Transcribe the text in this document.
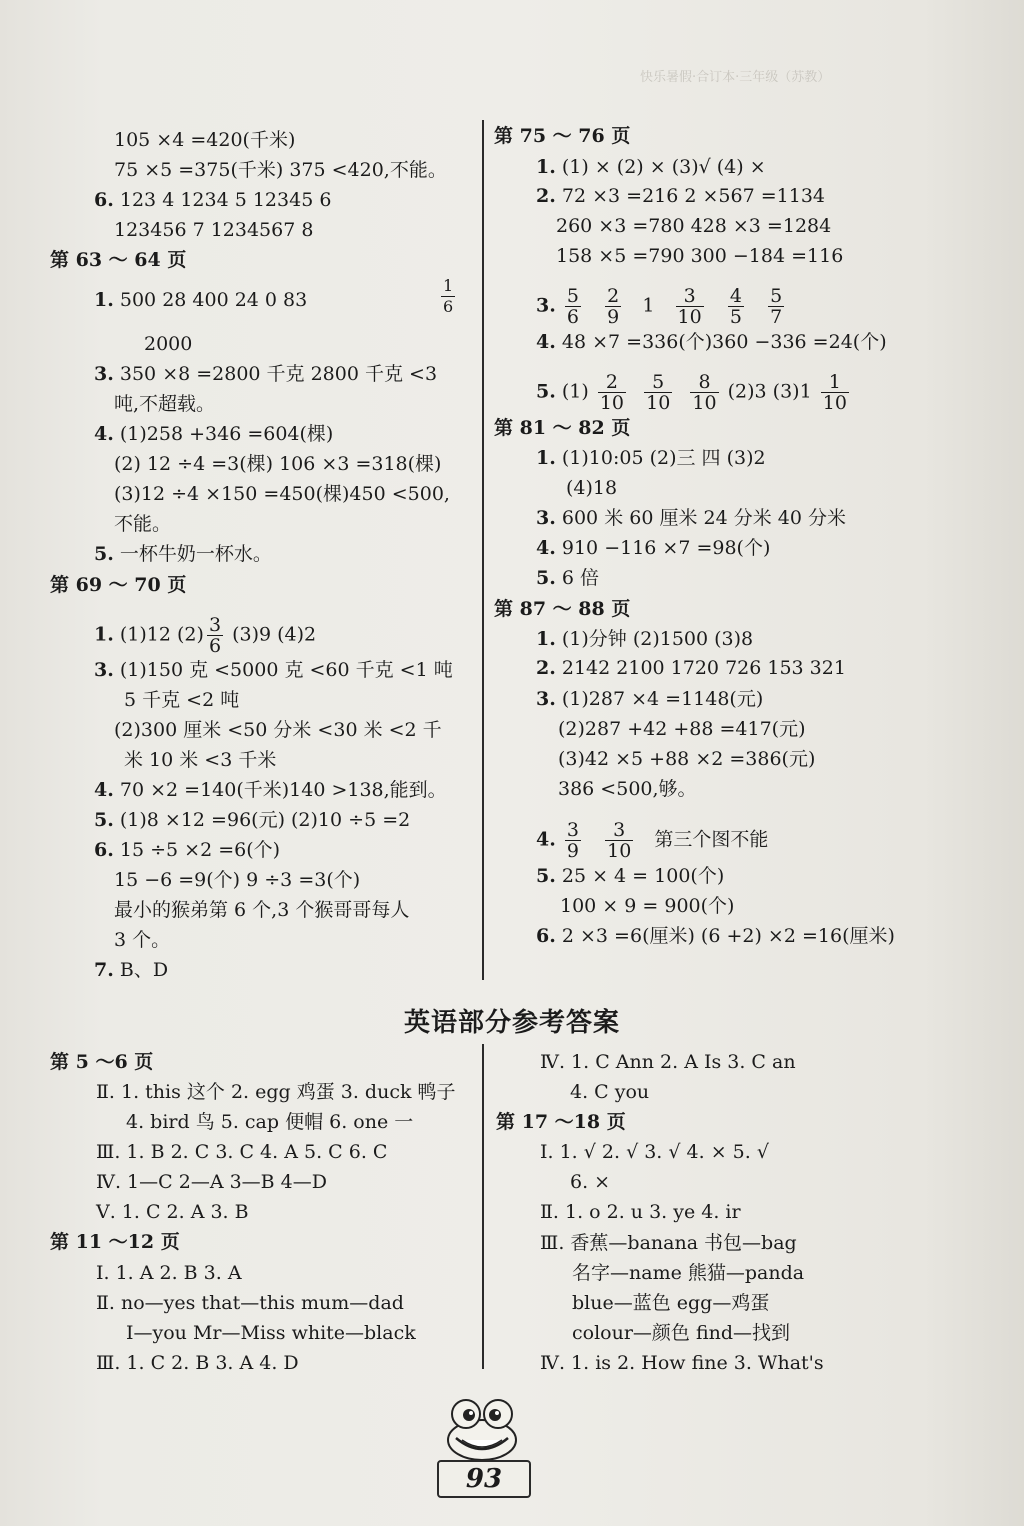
快乐暑假·合订本·三年级（苏教）
105 ×4 =420(千米)
75 ×5 =375(千米) 375 <420,不能。
6. 123 4 1234 5 12345 6
123456 7 1234567 8
第 63 ～ 64 页
1. 500 28 400 24 0 83	$\frac{1}{6}$
2000
3. 350 ×8 =2800 千克 2800 千克 <3
吨,不超载。
4. (1)258 +346 =604(棵)
(2) 12 ÷4 =3(棵) 106 ×3 =318(棵)
(3)12 ÷4 ×150 =450(棵)450 <500,
不能。
5. 一杯牛奶一杯水。
第 69 ～ 70 页
1. (1)12 $(2) \frac{3}{6} (3)9$ (4)2
3. (1)150 克 <5000 克 <60 千克 <1 吨
5 千克 <2 吨
(2)300 厘米 <50 分米 <30 米 <2 千
米 10 米 <3 千米
4. 70 ×2 =140(千米)140 >138,能到。
5. (1)8 ×12 =96(元) (2)10 ÷5 =2
6. 15 ÷5 ×2 =6(个)
15 −6 =9(个) 9 ÷3 =3(个)
最小的猴弟第 6 个,3 个猴哥哥每人
3 个。
7. B、D
第 75 ～ 76 页
1. (1) × (2) × (3)√ (4) ×
2. 72 ×3 =216 2 ×567 =1134
260 ×3 =780 428 ×3 =1284
158 ×5 =790 300 −184 =116
3. $\frac{5}{6}$
$\frac{2}{9} 1 \frac{3}{10}$
$\frac{4}{5}$
$\frac{5}{7}$
4. 48 ×7 =336(个)360 −336 =24(个)
5. $(1) \frac{2}{10}$
$\frac{5}{10}$
$\frac{8}{10} (2)3$ $(3)1 \frac{1}{10}$
第 81 ～ 82 页
1. (1)10:05 (2)三 四 (3)2
(4)18
3. 600 米 60 厘米 24 分米 40 分米
4. 910 −116 ×7 =98(个)
5. 6 倍
第 87 ～ 88 页
1. (1)分钟 (2)1500 (3)8
2. 2142 2100 1720 726 153 321
3. (1)287 ×4 =1148(元)
(2)287 +42 +88 =417(元)
(3)42 ×5 +88 ×2 =386(元)
386 <500,够。
4. $\frac{3}{9}$
$\frac{3}{10}$ 第三个图不能
5. 25 × 4 = 100(个)
100 × 9 = 900(个)
6. 2 ×3 =6(厘米) (6 +2) ×2 =16(厘米)
英语部分参考答案
第 5 ～6 页
Ⅱ. 1. this 这个 2. egg 鸡蛋 3. duck 鸭子
4. bird 鸟 5. cap 便帽 6. one 一
Ⅲ. 1. B 2. C 3. C 4. A 5. C 6. C
Ⅳ. 1—C 2—A 3—B 4—D
Ⅴ. 1. C 2. A 3. B
第 11 ～12 页
Ⅰ. 1. A 2. B 3. A
Ⅱ. no—yes that—this mum—dad
I—you Mr—Miss white—black
Ⅲ. 1. C 2. B 3. A 4. D
Ⅳ. 1. C Ann 2. A Is 3. C an
4. C you
第 17 ～18 页
Ⅰ. 1. √ 2. √ 3. √ 4. × 5. √
6. ×
Ⅱ. 1. o 2. u 3. ye 4. ir
Ⅲ. 香蕉—banana 书包—bag
名字—name 熊猫—panda
blue—蓝色 egg—鸡蛋
colour—颜色 find—找到
Ⅳ. 1. is 2. How fine 3. What's
93
